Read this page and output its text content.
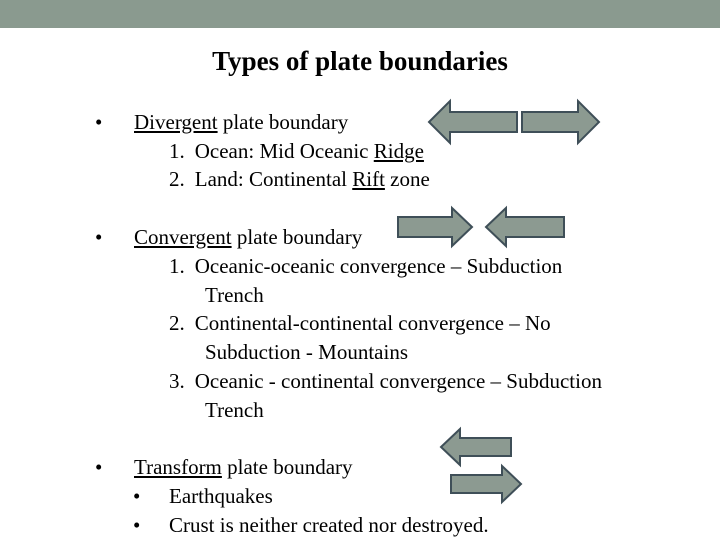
Types of plate boundaries
• Divergent plate boundary
1. Ocean: Mid Oceanic Ridge
2. Land: Continental Rift zone
• Convergent plate boundary
1. Oceanic-oceanic convergence – Subduction
Trench
2. Continental-continental convergence – No
Subduction - Mountains
3. Oceanic - continental convergence – Subduction
Trench
• Transform plate boundary
• Earthquakes
• Crust is neither created nor destroyed.
